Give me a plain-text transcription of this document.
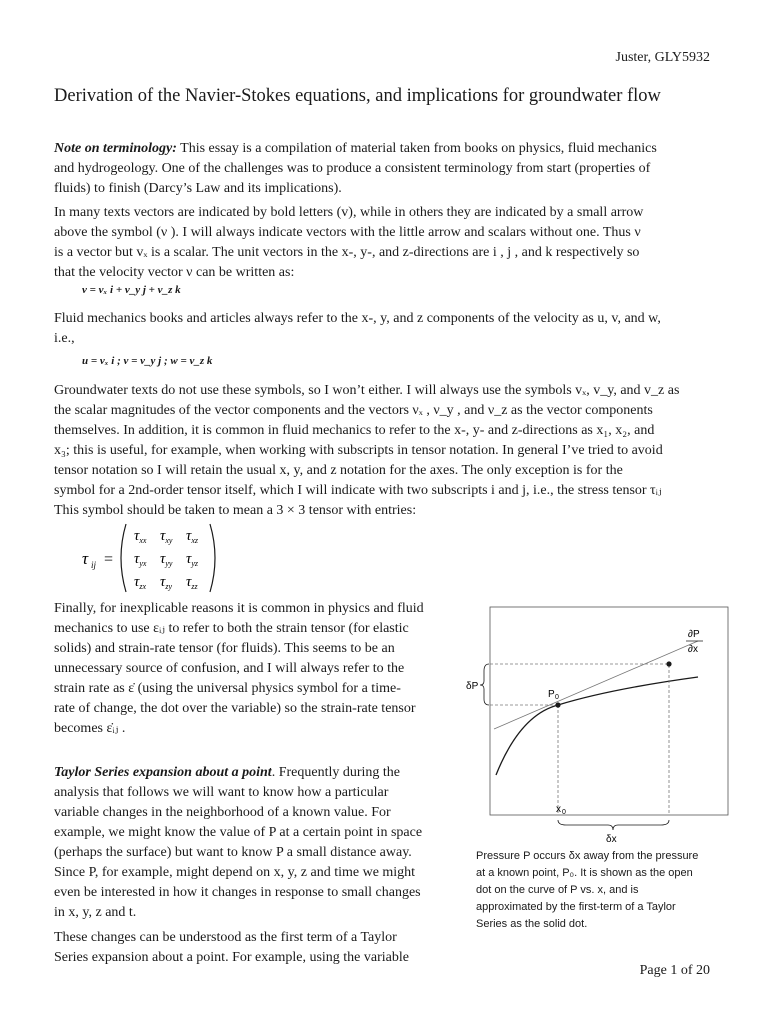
Juster, GLY5932
Derivation of the Navier-Stokes equations, and implications for groundwater flow
Note on terminology: This essay is a compilation of material taken from books on physics, fluid mechanics
and hydrogeology. One of the challenges was to produce a consistent terminology from start (properties of
fluids) to finish (Darcy’s Law and its implications).
In many texts vectors are indicated by bold letters (v), while in others they are indicated by a small arrow
above the symbol (ν ). I will always indicate vectors with the little arrow and scalars without one. Thus ν
is a vector but vₓ is a scalar. The unit vectors in the x-, y-, and z-directions are i , j , and k respectively so
that the velocity vector ν can be written as:
v = vₓ i + v_y j + v_z k
Fluid mechanics books and articles always refer to the x-, y, and z components of the velocity as u, v, and w,
i.e.,
u = vₓ i ; v = v_y j ; w = v_z k
Groundwater texts do not use these symbols, so I won’t either. I will always use the symbols vₓ, v_y, and v_z as
the scalar magnitudes of the vector components and the vectors νₓ , ν_y , and ν_z as the vector components
themselves. In addition, it is common in fluid mechanics to refer to the x-, y- and z-directions as x₁, x₂, and
x₃; this is useful, for example, when working with subscripts in tensor notation. In general I’ve tried to avoid
tensor notation so I will retain the usual x, y, and z notation for the axes. The only exception is for the
symbol for a 2nd-order tensor itself, which I will indicate with two subscripts i and j, i.e., the stress tensor τᵢⱼ
This symbol should be taken to mean a 3 × 3 tensor with entries:
τ ij =
$\tau_{xx}$ $\tau_{xy}$ $\tau_{xz}$
$\tau_{yx}$ $\tau_{yy}$ $\tau_{yz}$
$\tau_{zx}$ $\tau_{zy}$ $\tau_{zz}$
Finally, for inexplicable reasons it is common in physics and fluid
mechanics to use εᵢⱼ to refer to both the strain tensor (for elastic
solids) and strain-rate tensor (for fluids). This seems to be an
unnecessary source of confusion, and I will always refer to the
strain rate as ε̇ (using the universal physics symbol for a time-
rate of change, the dot over the variable) so the strain-rate tensor
becomes ε̇ᵢⱼ .
Taylor Series expansion about a point. Frequently during the
analysis that follows we will want to know how a particular
variable changes in the neighborhood of a known value. For
example, we might know the value of P at a certain point in space
(perhaps the surface) but want to know P a small distance away.
Since P, for example, might depend on x, y, z and time we might
even be interested in how it changes in response to small changes
in x, y, z and t.
These changes can be understood as the first term of a Taylor
Series expansion about a point. For example, using the variable
∂P
∂x
δP
P 0
x 0
δx
Pressure P occurs δx away from the pressure
at a known point, P₀. It is shown as the open
dot on the curve of P vs. x, and is
approximated by the first-term of a Taylor
Series as the solid dot.
Page 1 of 20
